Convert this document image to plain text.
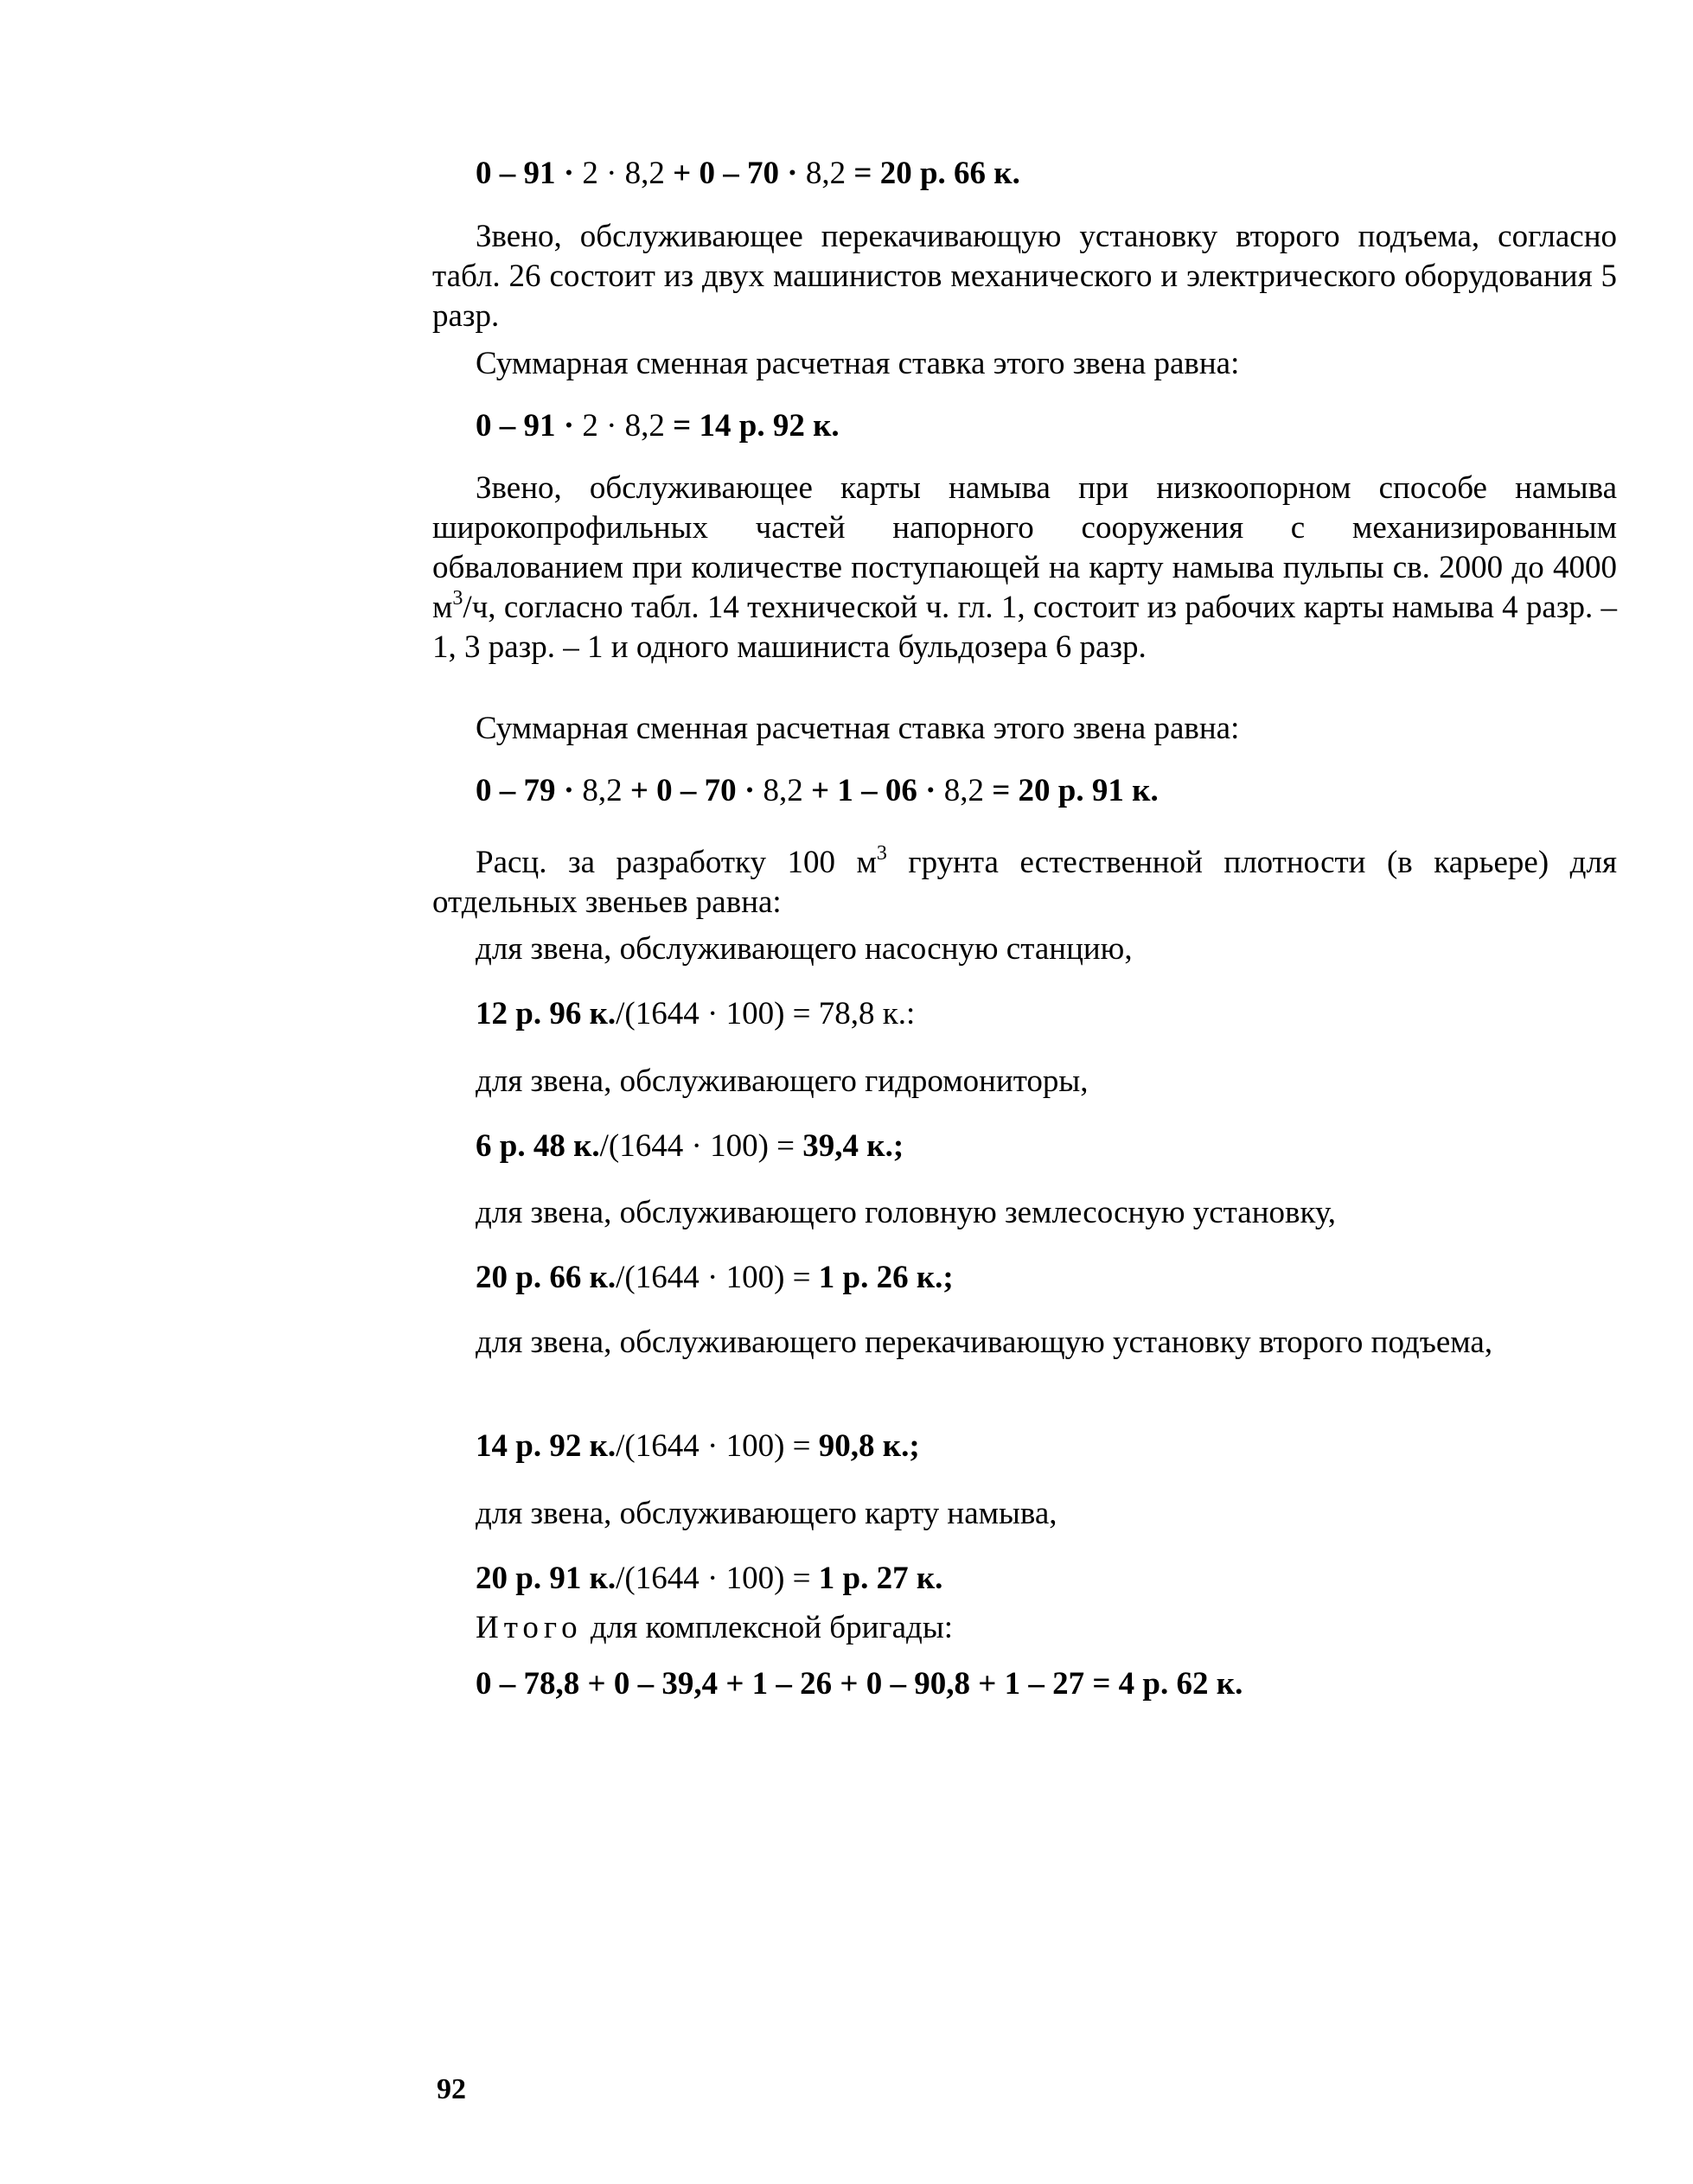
0 – 91 · 2 · 8,2 + 0 – 70 · 8,2 = 20 р. 66 к.
Звено, обслуживающее перекачивающую установку второго подъема, согласно табл. 26 состоит из двух машинистов механического и электрического оборудования 5 разр.
Суммарная сменная расчетная ставка этого звена равна:
0 – 91 · 2 · 8,2 = 14 р. 92 к.
Звено, обслуживающее карты намыва при низкоопорном способе намыва широкопрофильных частей напорного сооружения с механизированным обвалованием при количестве поступающей на карту намыва пульпы св. 2000 до 4000 $м^3/ч$, согласно табл. 14 технической ч. гл. 1, состоит из рабочих карты намыва 4 разр. – 1, 3 разр. – 1 и одного машиниста бульдозера 6 разр.
Суммарная сменная расчетная ставка этого звена равна:
0 – 79 · 8,2 + 0 – 70 · 8,2 + 1 – 06 · 8,2 = 20 р. 91 к.
Расц. за разработку 100 $м^3$ грунта естественной плотности (в карьере) для отдельных звеньев равна:
для звена, обслуживающего насосную станцию,
12 р. 96 к./(1644 · 100) = 78,8 к.:
для звена, обслуживающего гидромониторы,
6 р. 48 к./(1644 · 100) = 39,4 к.;
для звена, обслуживающего головную землесосную установку,
20 р. 66 к./(1644 · 100) = 1 р. 26 к.;
для звена, обслуживающего перекачивающую установку второго подъема,
14 р. 92 к./(1644 · 100) = 90,8 к.;
для звена, обслуживающего карту намыва,
20 р. 91 к./(1644 · 100) = 1 р. 27 к.
Итого для комплексной бригады:
0 – 78,8 + 0 – 39,4 + 1 – 26 + 0 – 90,8 + 1 – 27 = 4 р. 62 к.
92
